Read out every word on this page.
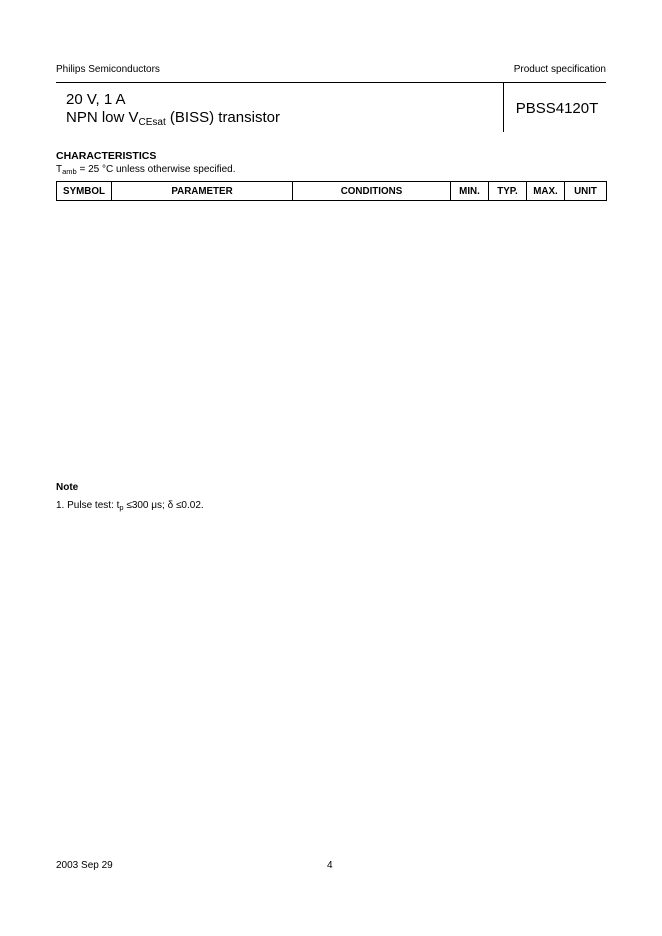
Philips Semiconductors	Product specification
20 V, 1 A
NPN low $V_{CEsat}$ (BISS) transistor
PBSS4120T
CHARACTERISTICS
$T_{amb} = 25$ °C unless otherwise specified.
SYMBOL	PARAMETER	CONDITIONS	MIN.	TYP.	MAX.	UNIT
Note
1. Pulse test: $t_p \le 300$ μs; δ ≤0.02.
2003 Sep 29	4
